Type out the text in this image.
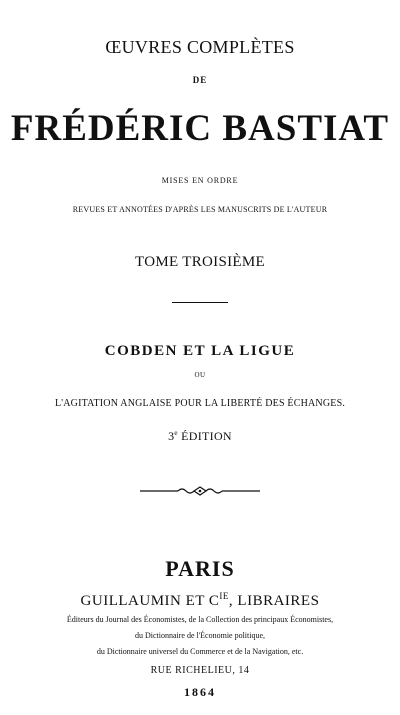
ŒUVRES COMPLÈTES
DE
FRÉDÉRIC BASTIAT
MISES EN ORDRE
REVUES ET ANNOTÉES D'APRÈS LES MANUSCRITS DE L'AUTEUR
TOME TROISIÈME
COBDEN ET LA LIGUE
OU
L'AGITATION ANGLAISE POUR LA LIBERTÉ DES ÉCHANGES.
3e ÉDITION
PARIS
GUILLAUMIN ET $C^{IE}$, LIBRAIRES
Éditeurs du Journal des Économistes, de la Collection des principaux Économistes,
du Dictionnaire de l'Économie politique,
du Dictionnaire universel du Commerce et de la Navigation, etc.
RUE RICHELIEU, 14
1864
